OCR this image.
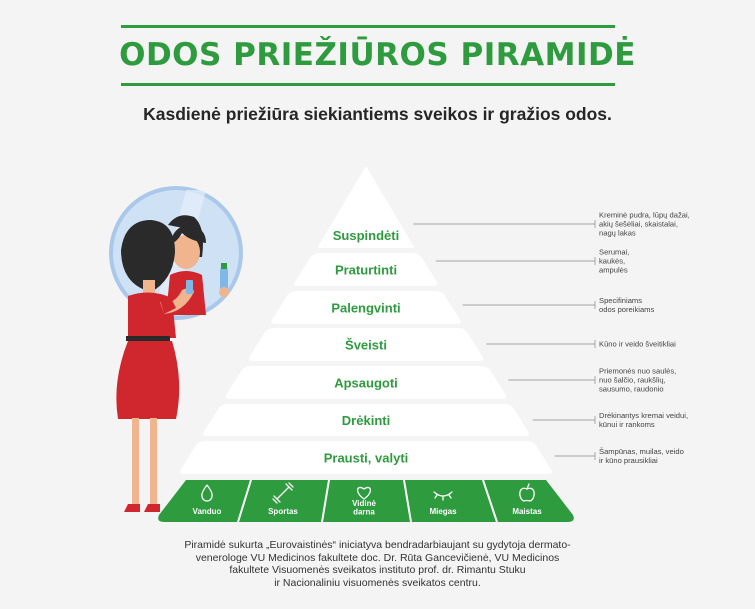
ODOS PRIEŽIŪROS PIRAMIDĖ
Kasdienė priežiūra siekiantiems sveikos ir gražios odos.
Suspindėti
Praturtinti
Palengvinti
Šveisti
Apsaugoti
Drėkinti
Prausti, valyti
Kreminė pudra, lūpų dažai,
akių šešėliai, skaistalai,
nagų lakas
Serumai,
kaukės,
ampulės
Specifiniams
odos poreikiams
Kūno ir veido šveitikliai
Priemonės nuo saulės,
nuo šalčio, raukšlių,
sausumo, raudonio
Drėkinantys kremai veidui,
kūnui ir rankoms
Šampūnas, muilas, veido
ir kūno prausikliai
Vanduo	Sportas
Vidinė
darna	Miegas	Maistas
Piramidė sukurta „Eurovaistinės“ iniciatyva bendradarbiaujant su gydytoja dermato-
venerologe VU Medicinos fakultete doc. Dr. Rūta Gancevičienė, VU Medicinos
fakultete Visuomenės sveikatos instituto prof. dr. Rimantu Stuku
ir Nacionaliniu visuomenės sveikatos centru.
